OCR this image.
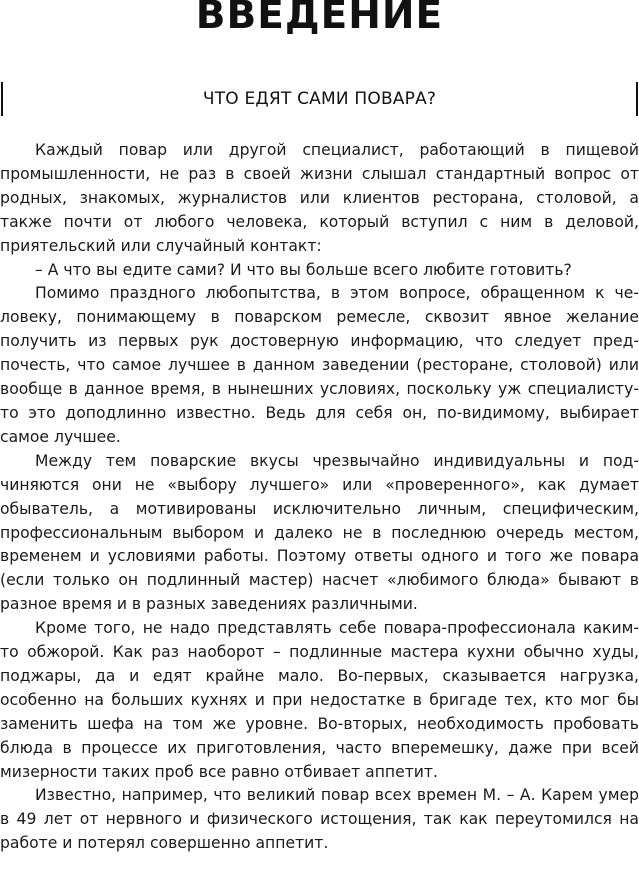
ВВЕДЕНИЕ
ЧТО ЕДЯТ САМИ ПОВАРА?

Каждый повар или другой специалист, работающий в пищевой промышленности, не раз в своей жизни слышал стандартный вопрос от родных, знакомых, журналистов или клиентов ресторана, столовой, а также почти от любого человека, который вступил с ним в деловой, приятельский или случайный контакт:

– А что вы едите сами? И что вы больше всего любите готовить?

Помимо праздного любопытства, в этом вопросе, обращенном к человеку, понимающему в поварском ремесле, сквозит явное желание получить из первых рук достоверную информацию, что следует предпочесть, что самое лучшее в данном заведении (ресторане, столовой) или вообще в данное время, в нынешних условиях, поскольку уж специалисту-то это доподлинно известно. Ведь для себя он, по-видимому, выбирает самое лучшее.

Между тем поварские вкусы чрезвычайно индивидуальны и подчиняются они не «выбору лучшего» или «проверенного», как думает обыватель, а мотивированы исключительно личным, специфическим, профессиональным выбором и далеко не в последнюю очередь местом, временем и условиями работы. Поэтому ответы одного и того же повара (если только он подлинный мастер) насчет «любимого блюда» бывают в разное время и в разных заведениях различными.

Кроме того, не надо представлять себе повара-профессионала каким-то обжорой. Как раз наоборот – подлинные мастера кухни обычно худы, поджары, да и едят крайне мало. Во-первых, сказывается нагрузка, особенно на больших кухнях и при недостатке в бригаде тех, кто мог бы заменить шефа на том же уровне. Во-вторых, необходимость пробовать блюда в процессе их приготовления, часто вперемешку, даже при всей мизерности таких проб все равно отбивает аппетит.

Известно, например, что великий повар всех времен М. – А. Карем умер в 49 лет от нервного и физического истощения, так как переутомился на работе и потерял совершенно аппетит.
